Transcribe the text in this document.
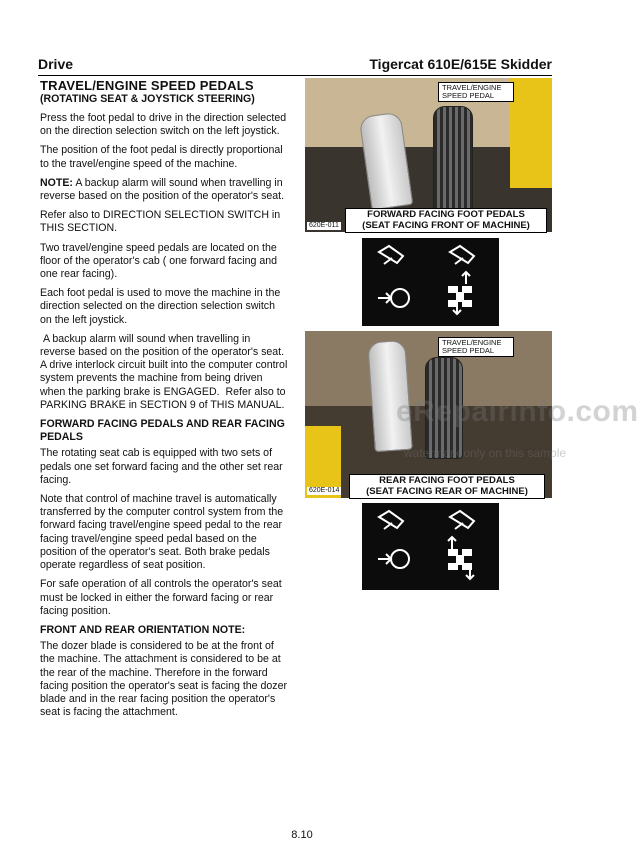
Drive	Tigercat 610E/615E Skidder
TRAVEL/ENGINE SPEED PEDALS
(ROTATING SEAT & JOYSTICK STEERING)

Press the foot pedal to drive in the direction selected on the direction selection switch on the left joystick.

The position of the foot pedal is directly proportional to the travel/engine speed of the machine.

NOTE: A backup alarm will sound when travelling in reverse based on the position of the operator's seat.

Refer also to DIRECTION SELECTION SWITCH in THIS SECTION.

Two travel/engine speed pedals are located on the floor of the operator's cab ( one forward facing and one rear facing).

Each foot pedal is used to move the machine in the direction selected on the direction selection switch on the left joystick.

A backup alarm will sound when travelling in reverse based on the position of the operator's seat.  A drive interlock circuit built into the computer control system prevents the machine from being driven when the parking brake is ENGAGED.  Refer also to PARKING BRAKE in SECTION 9 of THIS MANUAL.

FORWARD FACING PEDALS AND REAR FACING PEDALS

The rotating seat cab is equipped with two sets of pedals one set forward facing and the other set rear facing.

Note that control of machine travel is automatically transferred by the computer control system from the forward facing travel/engine speed pedal to the rear facing travel/engine speed pedal based on the position of the operator's seat. Both brake pedals operate regardless of seat position.

For safe operation of all controls the operator's seat must be locked in either the forward facing or rear facing position.

FRONT AND REAR ORIENTATION NOTE:

The dozer blade is considered to be at the front of the machine. The attachment is considered to be at the rear of the machine. Therefore in the forward facing position the operator's seat is facing the dozer blade and in the rear facing position the operator's seat is facing the attachment.

TRAVEL/ENGINE SPEED PEDAL
FORWARD FACING FOOT PEDALS
(SEAT FACING FRONT OF MACHINE)
620E-011
TRAVEL/ENGINE SPEED PEDAL
REAR FACING FOOT PEDALS
(SEAT FACING REAR OF MACHINE)
620E-014
eRepairinfo.com
watermark only on this sample
8.10
